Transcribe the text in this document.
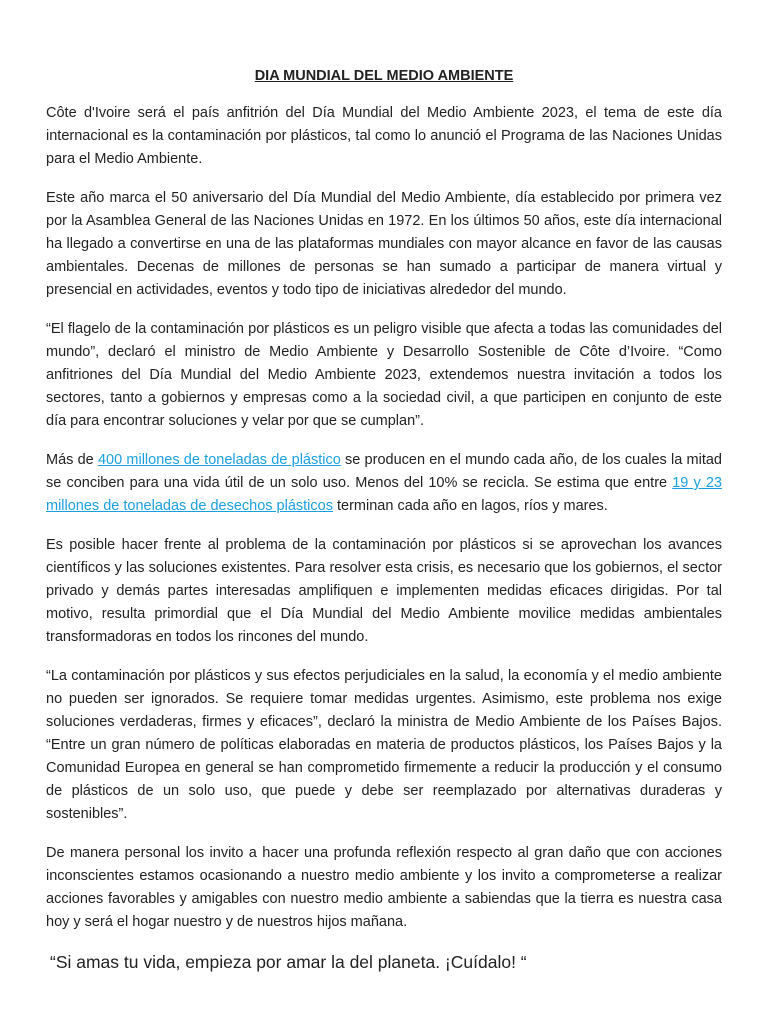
DIA MUNDIAL DEL MEDIO AMBIENTE

Côte d'Ivoire será el país anfitrión del Día Mundial del Medio Ambiente 2023, el tema de este día internacional es la contaminación por plásticos, tal como lo anunció el Programa de las Naciones Unidas para el Medio Ambiente.

Este año marca el 50 aniversario del Día Mundial del Medio Ambiente, día establecido por primera vez por la Asamblea General de las Naciones Unidas en 1972. En los últimos 50 años, este día internacional ha llegado a convertirse en una de las plataformas mundiales con mayor alcance en favor de las causas ambientales. Decenas de millones de personas se han sumado a participar de manera virtual y presencial en actividades, eventos y todo tipo de iniciativas alrededor del mundo.

“El flagelo de la contaminación por plásticos es un peligro visible que afecta a todas las comunidades del mundo”, declaró el ministro de Medio Ambiente y Desarrollo Sostenible de Côte d’Ivoire. “Como anfitriones del Día Mundial del Medio Ambiente 2023, extendemos nuestra invitación a todos los sectores, tanto a gobiernos y empresas como a la sociedad civil, a que participen en conjunto de este día para encontrar soluciones y velar por que se cumplan”.

Más de 400 millones de toneladas de plástico se producen en el mundo cada año, de los cuales la mitad se conciben para una vida útil de un solo uso. Menos del 10% se recicla. Se estima que entre 19 y 23 millones de toneladas de desechos plásticos terminan cada año en lagos, ríos y mares.

Es posible hacer frente al problema de la contaminación por plásticos si se aprovechan los avances científicos y las soluciones existentes. Para resolver esta crisis, es necesario que los gobiernos, el sector privado y demás partes interesadas amplifiquen e implementen medidas eficaces dirigidas. Por tal motivo, resulta primordial que el Día Mundial del Medio Ambiente movilice medidas ambientales transformadoras en todos los rincones del mundo.

“La contaminación por plásticos y sus efectos perjudiciales en la salud, la economía y el medio ambiente no pueden ser ignorados. Se requiere tomar medidas urgentes. Asimismo, este problema nos exige soluciones verdaderas, firmes y eficaces”, declaró la ministra de Medio Ambiente de los Países Bajos. “Entre un gran número de políticas elaboradas en materia de productos plásticos, los Países Bajos y la Comunidad Europea en general se han comprometido firmemente a reducir la producción y el consumo de plásticos de un solo uso, que puede y debe ser reemplazado por alternativas duraderas y sostenibles”.

De manera personal los invito a hacer una profunda reflexión respecto al gran daño que con acciones inconscientes estamos ocasionando a nuestro medio ambiente y los invito a comprometerse a realizar acciones favorables y amigables con nuestro medio ambiente a sabiendas que la tierra es nuestra casa hoy y será el hogar nuestro y de nuestros hijos mañana.

“Si amas tu vida, empieza por amar la del planeta. ¡Cuídalo! “
